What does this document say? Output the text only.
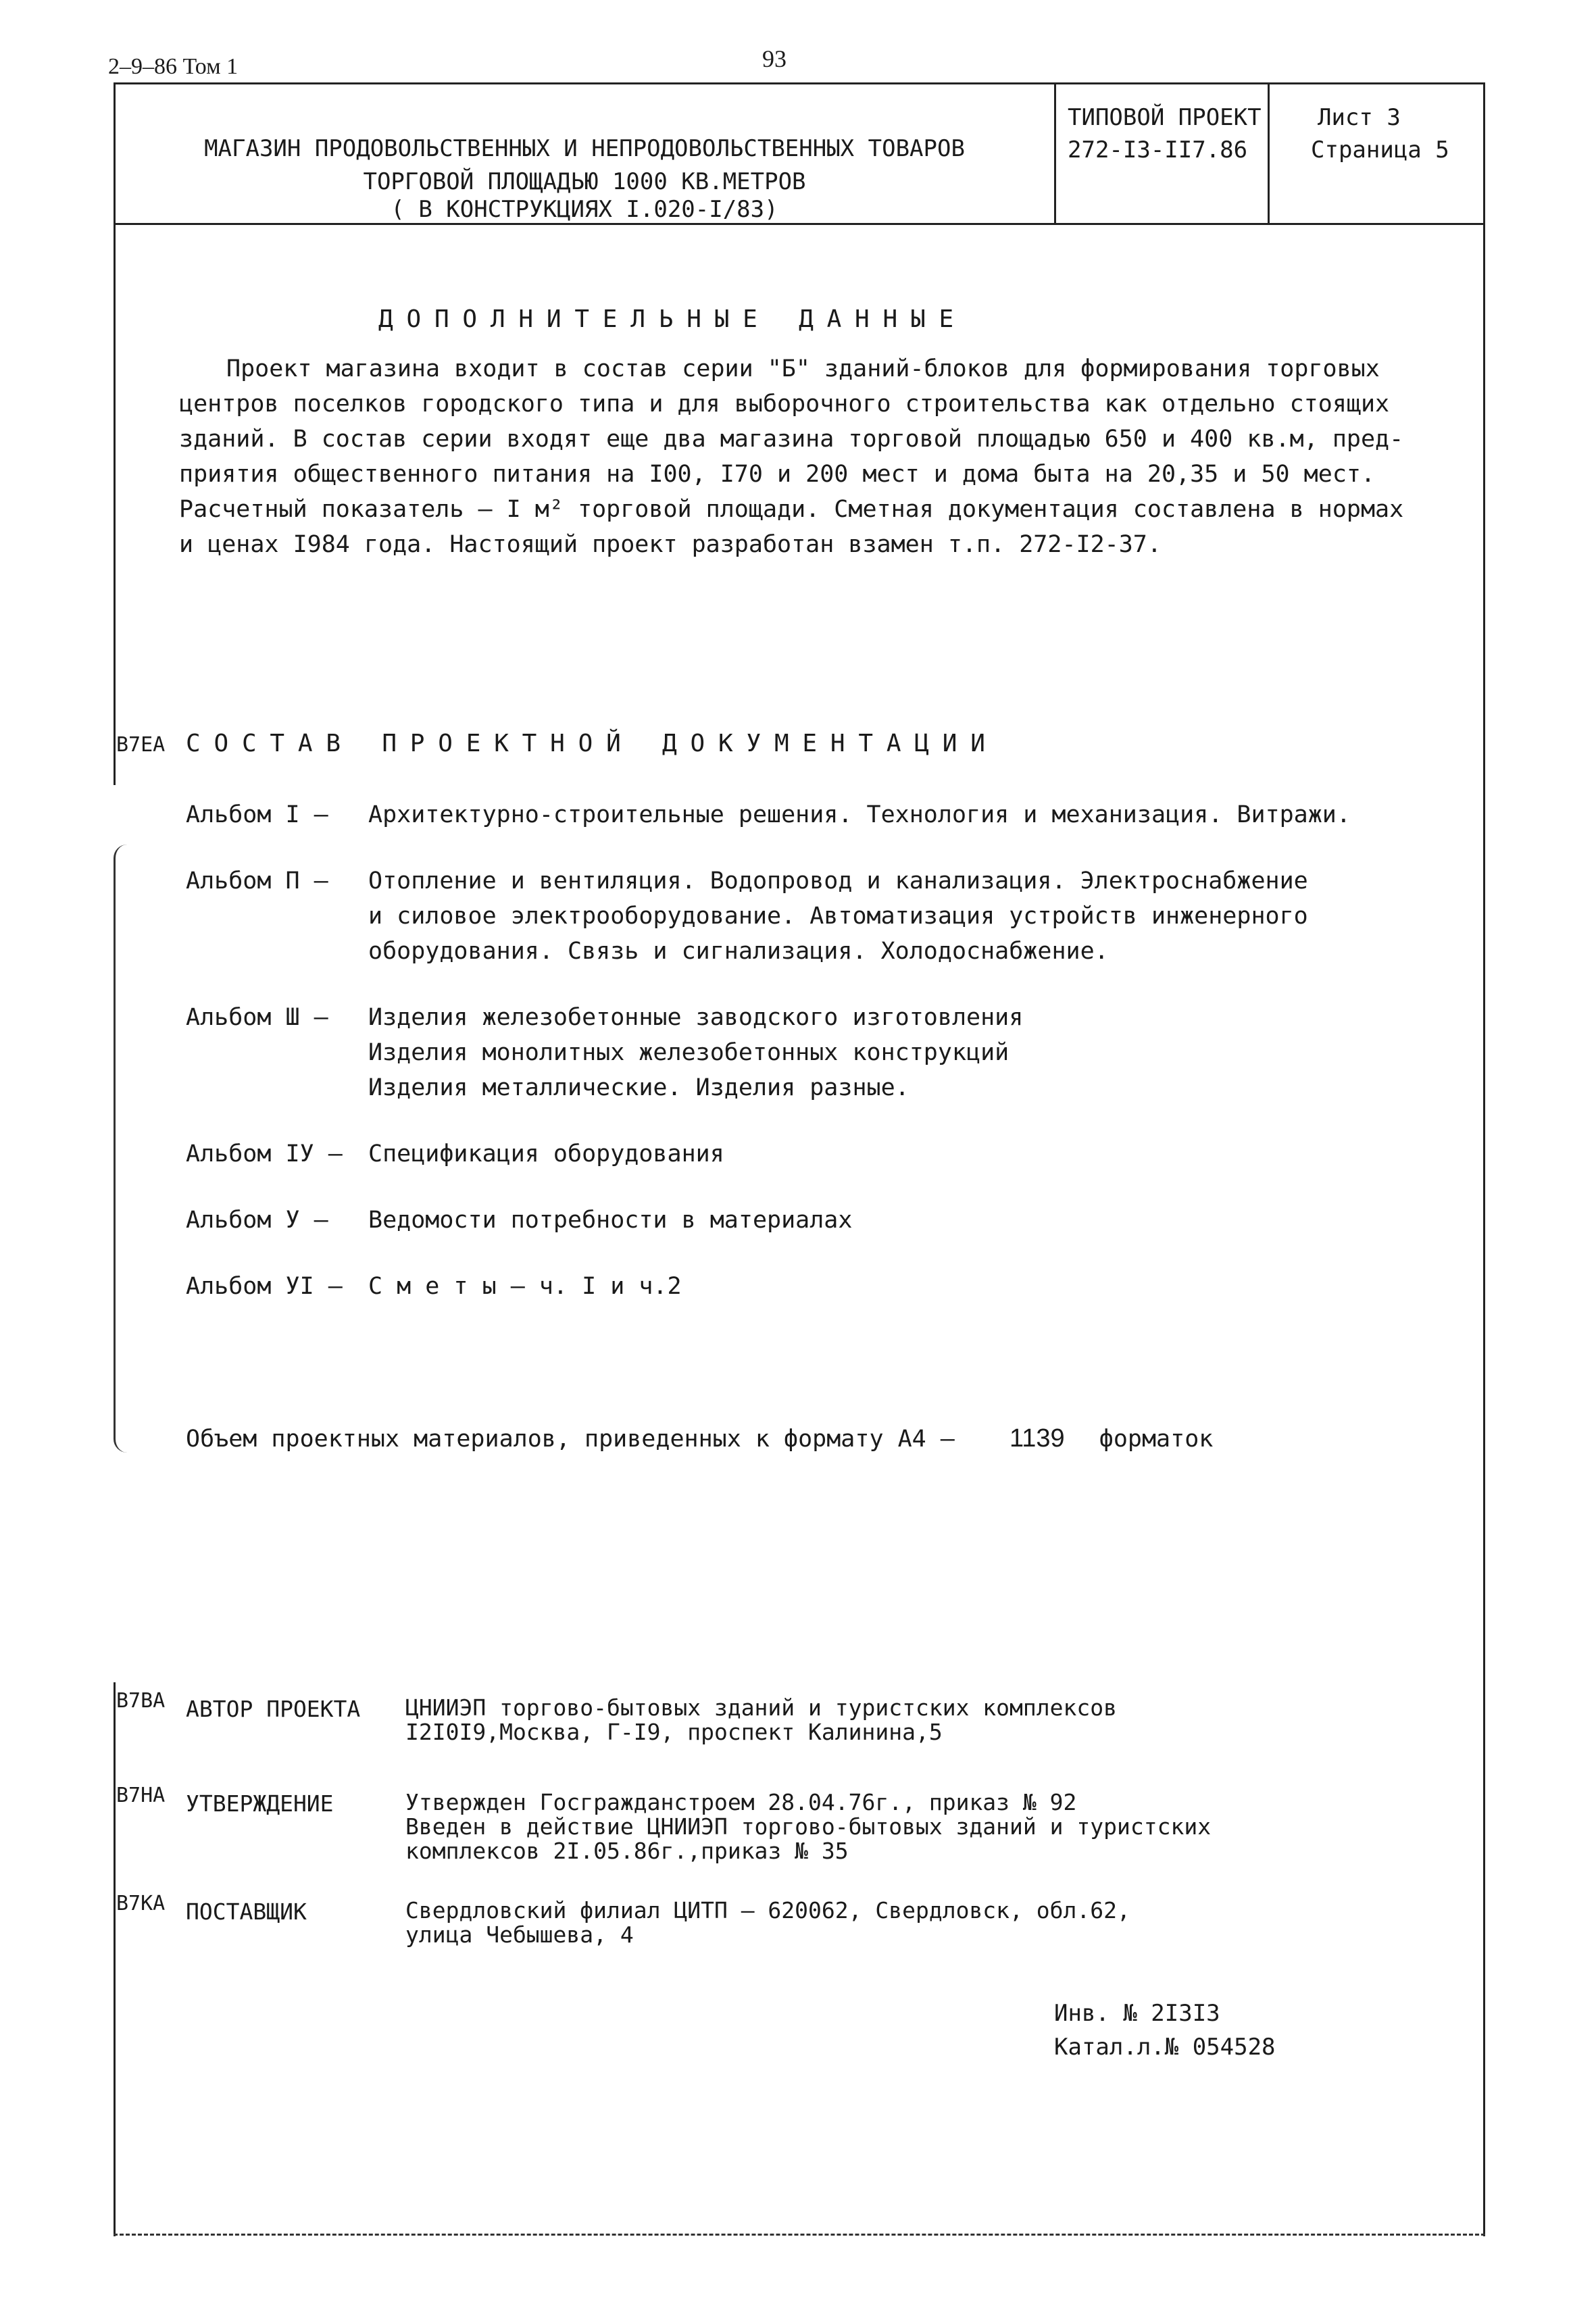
2–9–86 Том 1	93
МАГАЗИН ПРОДОВОЛЬСТВЕННЫХ И НЕПРОДОВОЛЬСТВЕННЫХ ТОВАРОВ
ТОРГОВОЙ ПЛОЩАДЬЮ 1000 КВ.МЕТРОВ
( В КОНСТРУКЦИЯХ I.020-I/83)
ТИПОВОЙ ПРОЕКТ
272-I3-II7.86
Лист 3
Страница 5
ДОПОЛНИТЕЛЬНЫЕ ДАННЫЕ
Проект магазина входит в состав серии "Б" зданий-блоков для формирования торговых
центров поселков городского типа и для выборочного строительства как отдельно стоящих
зданий. В состав серии входят еще два магазина торговой площадью 650 и 400 кв.м, пред-
приятия общественного питания на I00, I70 и 200 мест и дома быта на 20,35 и 50 мест.
Расчетный показатель – I м² торговой площади. Сметная документация составлена в нормах
и ценах I984 года. Настоящий проект разработан взамен т.п. 272-I2-37.
B7EA СОСТАВ ПРОЕКТНОЙ ДОКУМЕНТАЦИИ
Альбом I –	Архитектурно-строительные решения. Технология и механизация. Витражи.
Альбом П –	Отопление и вентиляция. Водопровод и канализация. Электроснабжение
и силовое электрооборудование. Автоматизация устройств инженерного
оборудования. Связь и сигнализация. Холодоснабжение.
Альбом Ш –	Изделия железобетонные заводского изготовления
Изделия монолитных железобетонных конструкций
Изделия металлические. Изделия разные.
Альбом IУ –	Спецификация оборудования
Альбом У –	Ведомости потребности в материалах
Альбом УI –	С м е т ы – ч. I и ч.2
Объем проектных материалов, приведенных к формату А4 – 1139 форматок
B7BA АВТОР ПРОЕКТА ЦНИИЭП торгово-бытовых зданий и туристских комплексов
I2I0I9,Москва, Г-I9, проспект Калинина,5
B7HA УТВЕРЖДЕНИЕ	Утвержден Госгражданстроем 28.04.76г., приказ № 92
Введен в действие ЦНИИЭП торгово-бытовых зданий и туристских
комплексов 2I.05.86г.,приказ № 35
B7KA ПОСТАВЩИК	Свердловский филиал ЦИТП – 620062, Свердловск, обл.62,
улица Чебышева, 4
Инв. № 2I3I3
Катал.л.№ 054528
